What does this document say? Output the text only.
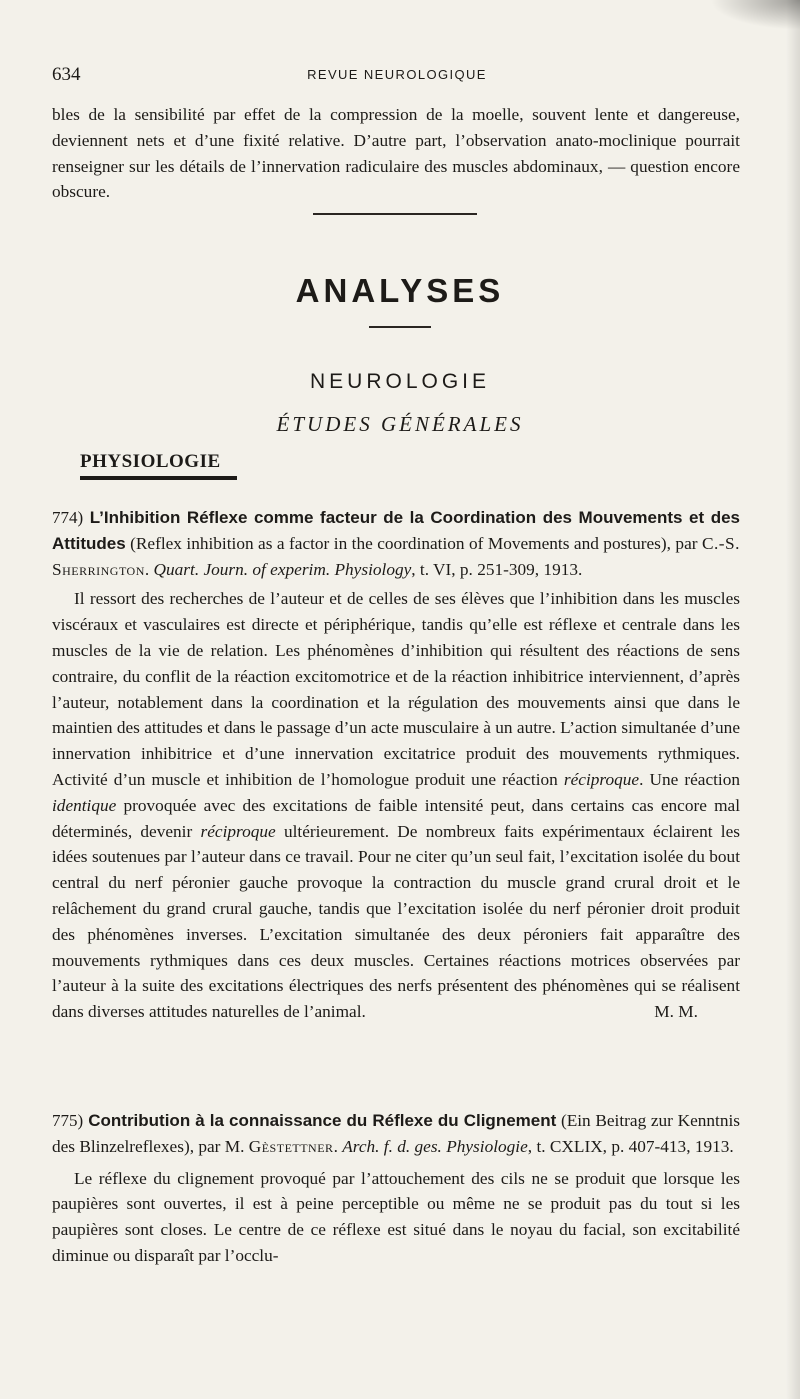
634	REVUE NEUROLOGIQUE

bles de la sensibilité par effet de la compression de la moelle, souvent lente et dangereuse, deviennent nets et d’une fixité relative. D’autre part, l’observation anato-moclinique pourrait renseigner sur les détails de l’innervation radiculaire des muscles abdominaux, — question encore obscure.

ANALYSES
NEUROLOGIE
ÉTUDES GÉNÉRALES
PHYSIOLOGIE
774) L’Inhibition Réflexe comme facteur de la Coordination des Mouvements et des Attitudes (Reflex inhibition as a factor in the coordination of Movements and postures), par C.-S. Sherrington. Quart. Journ. of experim. Physiology, t. VI, p. 251-309, 1913.
Il ressort des recherches de l’auteur et de celles de ses élèves que l’inhibition dans les muscles viscéraux et vasculaires est directe et périphérique, tandis qu’elle est réflexe et centrale dans les muscles de la vie de relation. Les phénomènes d’inhibition qui résultent des réactions de sens contraire, du conflit de la réaction excitomotrice et de la réaction inhibitrice interviennent, d’après l’auteur, notablement dans la coordination et la régulation des mouvements ainsi que dans le maintien des attitudes et dans le passage d’un acte musculaire à un autre. L’action simultanée d’une innervation inhibitrice et d’une innervation excitatrice produit des mouvements rythmiques. Activité d’un muscle et inhibition de l’homologue produit une réaction réciproque. Une réaction identique provoquée avec des excitations de faible intensité peut, dans certains cas encore mal déterminés, devenir réciproque ultérieurement. De nombreux faits expérimentaux éclairent les idées soutenues par l’auteur dans ce travail. Pour ne citer qu’un seul fait, l’excitation isolée du bout central du nerf péronier gauche provoque la contraction du muscle grand crural droit et le relâchement du grand crural gauche, tandis que l’excitation isolée du nerf péronier droit produit des phénomènes inverses. L’excitation simultanée des deux péroniers fait apparaître des mouvements rythmiques dans ces deux muscles. Certaines réactions motrices observées par l’auteur à la suite des excitations électriques des nerfs présentent des phénomènes qui se réalisent dans diverses attitudes naturelles de l’animal.	M. M.
775) Contribution à la connaissance du Réflexe du Clignement (Ein Beitrag zur Kenntnis des Blinzelreflexes), par M. Gèstettner. Arch. f. d. ges. Physiologie, t. CXLIX, p. 407-413, 1913.
Le réflexe du clignement provoqué par l’attouchement des cils ne se produit que lorsque les paupières sont ouvertes, il est à peine perceptible ou même ne se produit pas du tout si les paupières sont closes. Le centre de ce réflexe est situé dans le noyau du facial, son excitabilité diminue ou disparaît par l’occlu-
